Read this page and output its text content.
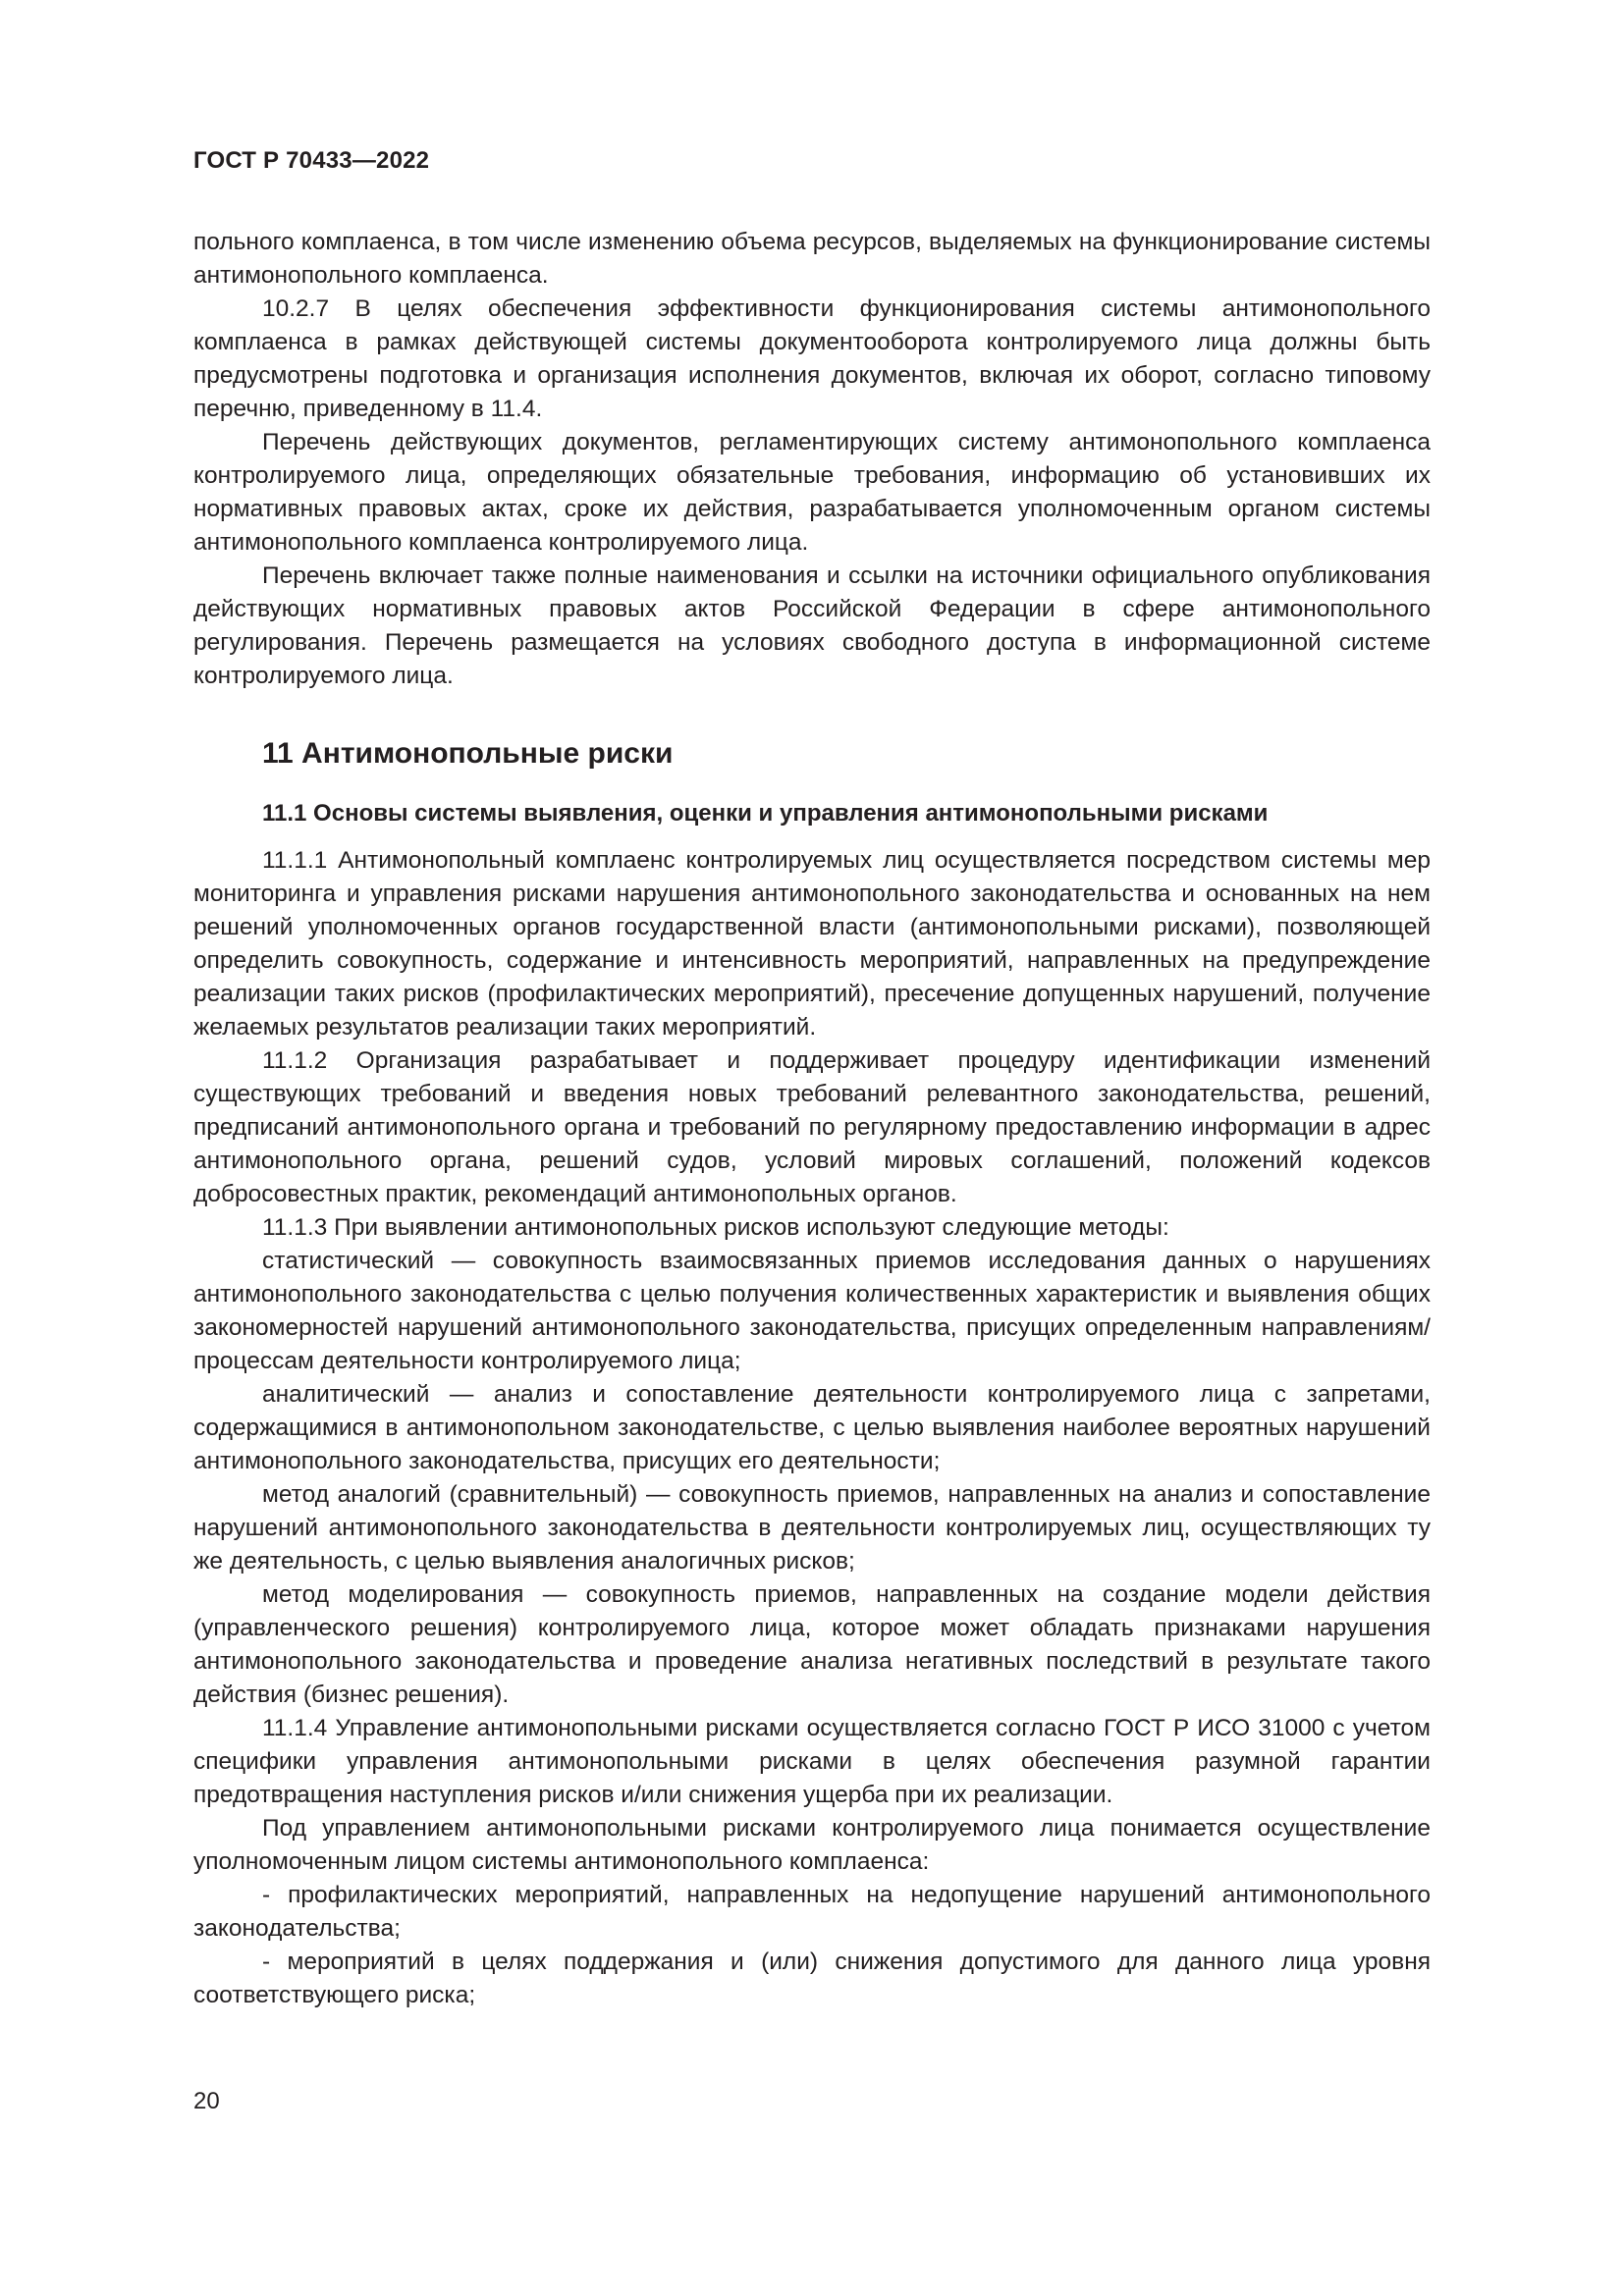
ГОСТ Р 70433—2022

польного комплаенса, в том числе изменению объема ресурсов, выделяемых на функционирование системы антимонопольного комплаенса.

10.2.7 В целях обеспечения эффективности функционирования системы антимонопольного комплаенса в рамках действующей системы документооборота контролируемого лица должны быть предусмотрены подготовка и организация исполнения документов, включая их оборот, согласно типовому перечню, приведенному в 11.4.

Перечень действующих документов, регламентирующих систему антимонопольного комплаенса контролируемого лица, определяющих обязательные требования, информацию об установивших их нормативных правовых актах, сроке их действия, разрабатывается уполномоченным органом системы антимонопольного комплаенса контролируемого лица.

Перечень включает также полные наименования и ссылки на источники официального опубликования действующих нормативных правовых актов Российской Федерации в сфере антимонопольного регулирования. Перечень размещается на условиях свободного доступа в информационной системе контролируемого лица.

11 Антимонопольные риски
11.1 Основы системы выявления, оценки и управления антимонопольными рисками

11.1.1 Антимонопольный комплаенс контролируемых лиц осуществляется посредством системы мер мониторинга и управления рисками нарушения антимонопольного законодательства и основанных на нем решений уполномоченных органов государственной власти (антимонопольными рисками), позволяющей определить совокупность, содержание и интенсивность мероприятий, направленных на предупреждение реализации таких рисков (профилактических мероприятий), пресечение допущенных нарушений, получение желаемых результатов реализации таких мероприятий.

11.1.2 Организация разрабатывает и поддерживает процедуру идентификации изменений существующих требований и введения новых требований релевантного законодательства, решений, предписаний антимонопольного органа и требований по регулярному предоставлению информации в адрес антимонопольного органа, решений судов, условий мировых соглашений, положений кодексов добросовестных практик, рекомендаций антимонопольных органов.

11.1.3 При выявлении антимонопольных рисков используют следующие методы:

статистический — совокупность взаимосвязанных приемов исследования данных о нарушениях антимонопольного законодательства с целью получения количественных характеристик и выявления общих закономерностей нарушений антимонопольного законодательства, присущих определенным направлениям/процессам деятельности контролируемого лица;

аналитический — анализ и сопоставление деятельности контролируемого лица с запретами, содержащимися в антимонопольном законодательстве, с целью выявления наиболее вероятных нарушений антимонопольного законодательства, присущих его деятельности;

метод аналогий (сравнительный) — совокупность приемов, направленных на анализ и сопоставление нарушений антимонопольного законодательства в деятельности контролируемых лиц, осуществляющих ту же деятельность, с целью выявления аналогичных рисков;

метод моделирования — совокупность приемов, направленных на создание модели действия (управленческого решения) контролируемого лица, которое может обладать признаками нарушения антимонопольного законодательства и проведение анализа негативных последствий в результате такого действия (бизнес решения).

11.1.4 Управление антимонопольными рисками осуществляется согласно ГОСТ Р ИСО 31000 с учетом специфики управления антимонопольными рисками в целях обеспечения разумной гарантии предотвращения наступления рисков и/или снижения ущерба при их реализации.

Под управлением антимонопольными рисками контролируемого лица понимается осуществление уполномоченным лицом системы антимонопольного комплаенса:

- профилактических мероприятий, направленных на недопущение нарушений антимонопольного законодательства;

- мероприятий в целях поддержания и (или) снижения допустимого для данного лица уровня соответствующего риска;

20
